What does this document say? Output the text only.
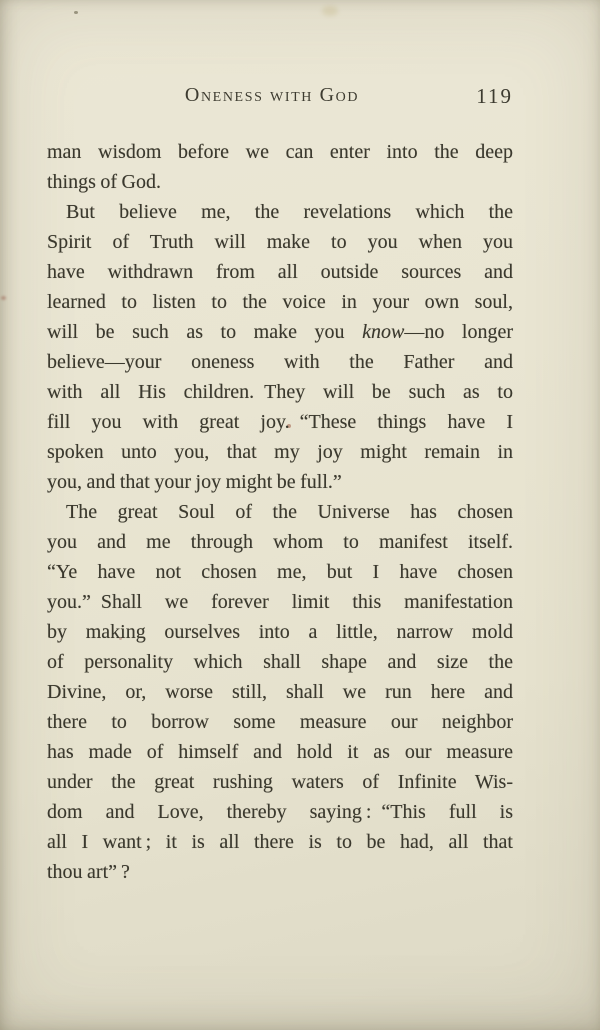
Oneness with God	119
man wisdom before we can enter into the deep
things of God.
But believe me, the revelations which the
Spirit of Truth will make to you when you
have withdrawn from all outside sources and
learned to listen to the voice in your own soul,
will be such as to make you know—no longer
believe—your oneness with the Father and
with all His children. They will be such as to
fill you with great joy. “These things have I
spoken unto you, that my joy might remain in
you, and that your joy might be full.”
The great Soul of the Universe has chosen
you and me through whom to manifest itself.
“Ye have not chosen me, but I have chosen
you.” Shall we forever limit this manifestation
by making ourselves into a little, narrow mold
of personality which shall shape and size the
Divine, or, worse still, shall we run here and
there to borrow some measure our neighbor
has made of himself and hold it as our measure
under the great rushing waters of Infinite Wis-
dom and Love, thereby saying : “This full is
all I want ; it is all there is to be had, all that
thou art” ?
